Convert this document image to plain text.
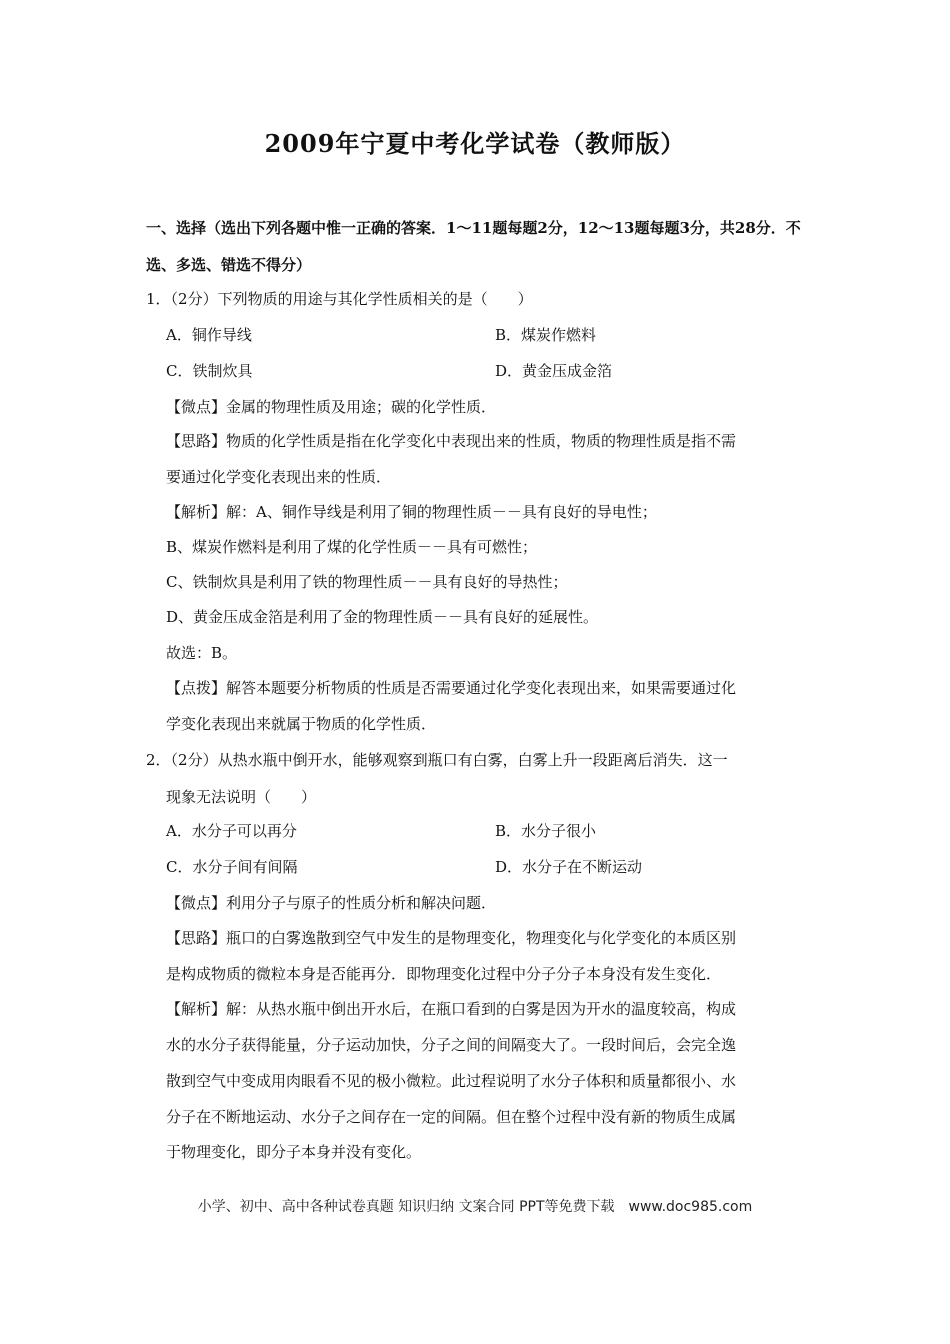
2009年宁夏中考化学试卷（教师版）
一、选择（选出下列各题中惟一正确的答案．1～11题每题2分，12～13题每题3分，共28分．不选、多选、错选不得分）
1．（2分）下列物质的用途与其化学性质相关的是（　　）
A．铜作导线	B．煤炭作燃料
C．铁制炊具	D．黄金压成金箔
【微点】金属的物理性质及用途；碳的化学性质．
【思路】物质的化学性质是指在化学变化中表现出来的性质，物质的物理性质是指不需
要通过化学变化表现出来的性质．
【解析】解：A、铜作导线是利用了铜的物理性质－－具有良好的导电性；
B、煤炭作燃料是利用了煤的化学性质－－具有可燃性；
C、铁制炊具是利用了铁的物理性质－－具有良好的导热性；
D、黄金压成金箔是利用了金的物理性质－－具有良好的延展性。
故选：B。
【点拨】解答本题要分析物质的性质是否需要通过化学变化表现出来，如果需要通过化
学变化表现出来就属于物质的化学性质．
2．（2分）从热水瓶中倒开水，能够观察到瓶口有白雾，白雾上升一段距离后消失．这一
现象无法说明（　　）
A．水分子可以再分	B．水分子很小
C．水分子间有间隔	D．水分子在不断运动
【微点】利用分子与原子的性质分析和解决问题．
【思路】瓶口的白雾逸散到空气中发生的是物理变化，物理变化与化学变化的本质区别
是构成物质的微粒本身是否能再分．即物理变化过程中分子分子本身没有发生变化．
【解析】解：从热水瓶中倒出开水后，在瓶口看到的白雾是因为开水的温度较高，构成
水的水分子获得能量，分子运动加快，分子之间的间隔变大了。一段时间后，会完全逸
散到空气中变成用肉眼看不见的极小微粒。此过程说明了水分子体积和质量都很小、水
分子在不断地运动、水分子之间存在一定的间隔。但在整个过程中没有新的物质生成属
于物理变化，即分子本身并没有变化。
小学、初中、高中各种试卷真题 知识归纳 文案合同 PPT等免费下载　www.doc985.com
